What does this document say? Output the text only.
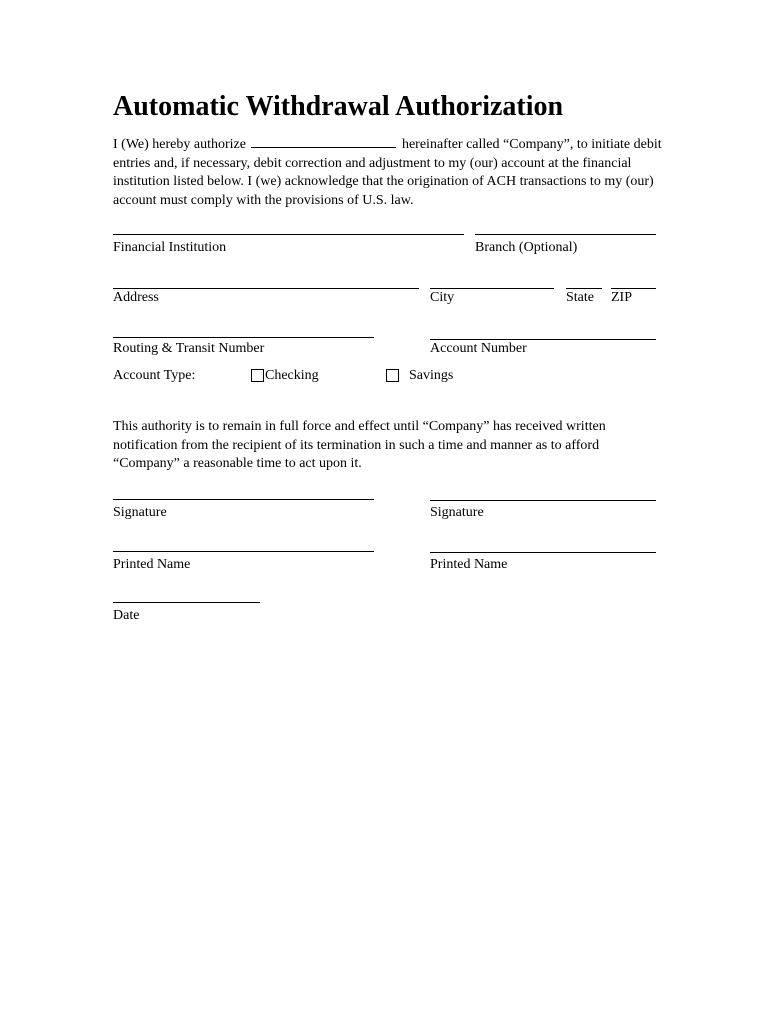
Automatic Withdrawal Authorization

I (We) hereby authorize	hereinafter called “Company”, to initiate debit entries and, if necessary, debit correction and adjustment to my (our) account at the financial institution listed below. I (we) acknowledge that the origination of ACH transactions to my (our) account must comply with the provisions of U.S. law.

Financial Institution	Branch (Optional)
Address	City	State ZIP
Routing & Transit Number	Account Number
Account Type:	Checking	Savings

This authority is to remain in full force and effect until “Company” has received written notification from the recipient of its termination in such a time and manner as to afford “Company” a reasonable time to act upon it.

Signature	Signature
Printed Name	Printed Name
Date
